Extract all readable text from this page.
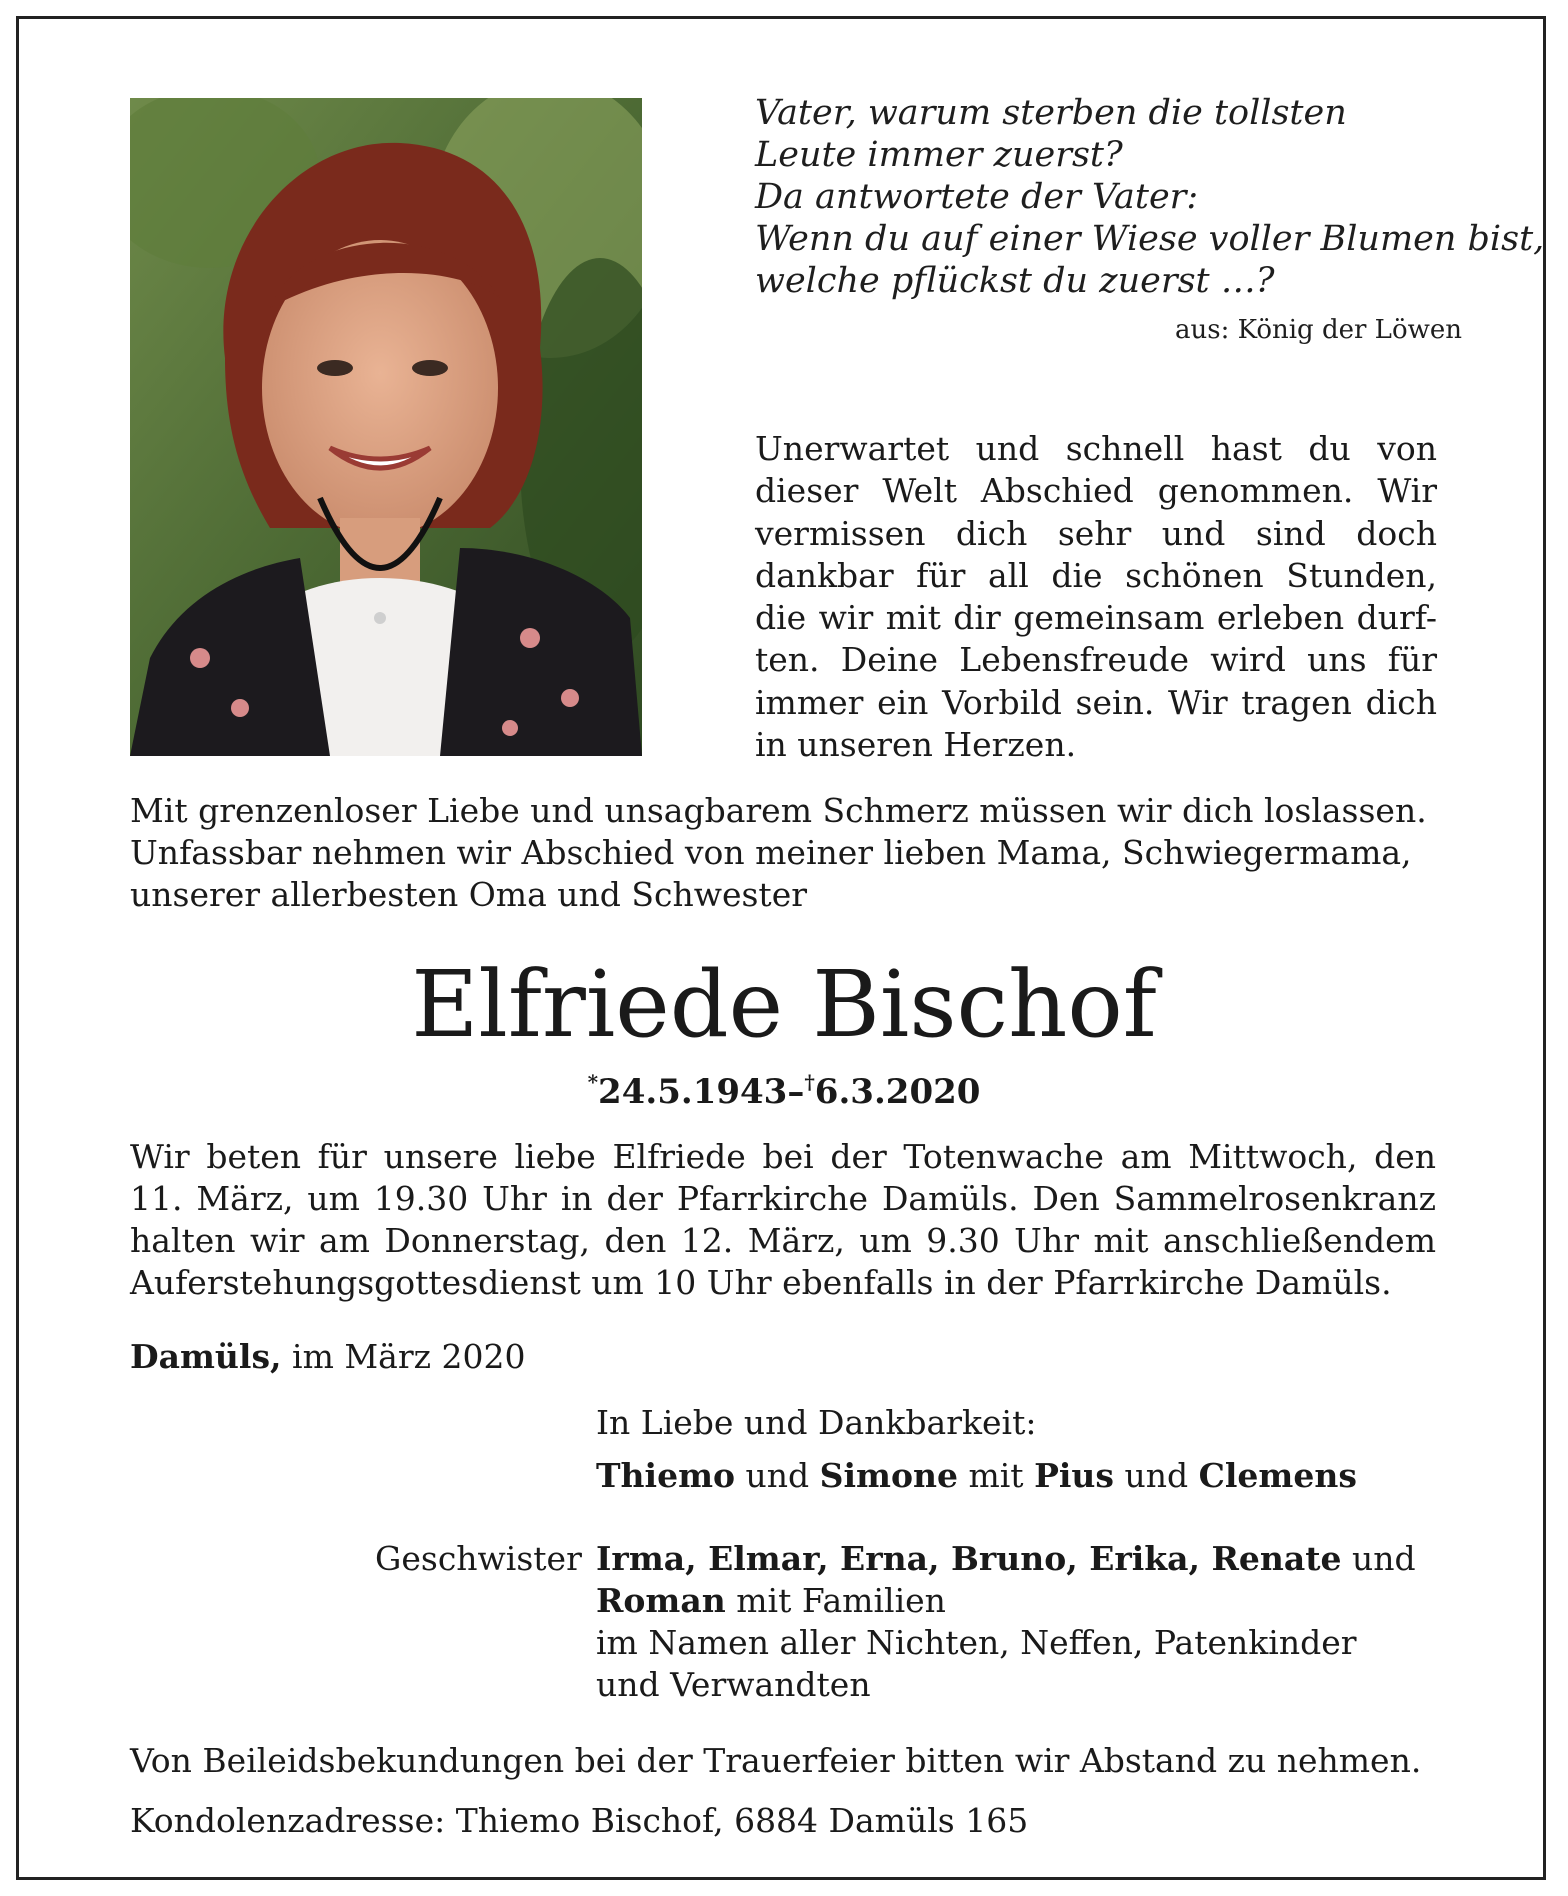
Vater, warum sterben die tollsten
Leute immer zuerst?
Da antwortete der Vater:
Wenn du auf einer Wiese voller Blumen bist,
welche pflückst du zuerst …?
aus: König der Löwen
Unerwartet und schnell hast du von
dieser Welt Abschied genommen. Wir
vermissen dich sehr und sind doch
dankbar für all die schönen Stunden,
die wir mit dir gemeinsam erleben durf-
ten. Deine Lebensfreude wird uns für
immer ein Vorbild sein. Wir tragen dich
in unseren Herzen.
Mit grenzenloser Liebe und unsagbarem Schmerz müssen wir dich loslassen.
Unfassbar nehmen wir Abschied von meiner lieben Mama, Schwiegermama,
unserer allerbesten Oma und Schwester
Elfriede Bischof
*24.5.1943–†6.3.2020
Wir beten für unsere liebe Elfriede bei der Totenwache am Mittwoch, den
11. März, um 19.30 Uhr in der Pfarrkirche Damüls. Den Sammelrosenkranz
halten wir am Donnerstag, den 12. März, um 9.30 Uhr mit anschließendem
Auferstehungsgottesdienst um 10 Uhr ebenfalls in der Pfarrkirche Damüls.
Damüls, im März 2020
In Liebe und Dankbarkeit:
Thiemo und Simone mit Pius und Clemens
Geschwister Irma, Elmar, Erna, Bruno, Erika, Renate und
Roman mit Familien
im Namen aller Nichten, Neffen, Patenkinder
und Verwandten
Von Beileidsbekundungen bei der Trauerfeier bitten wir Abstand zu nehmen.
Kondolenzadresse: Thiemo Bischof, 6884 Damüls 165
